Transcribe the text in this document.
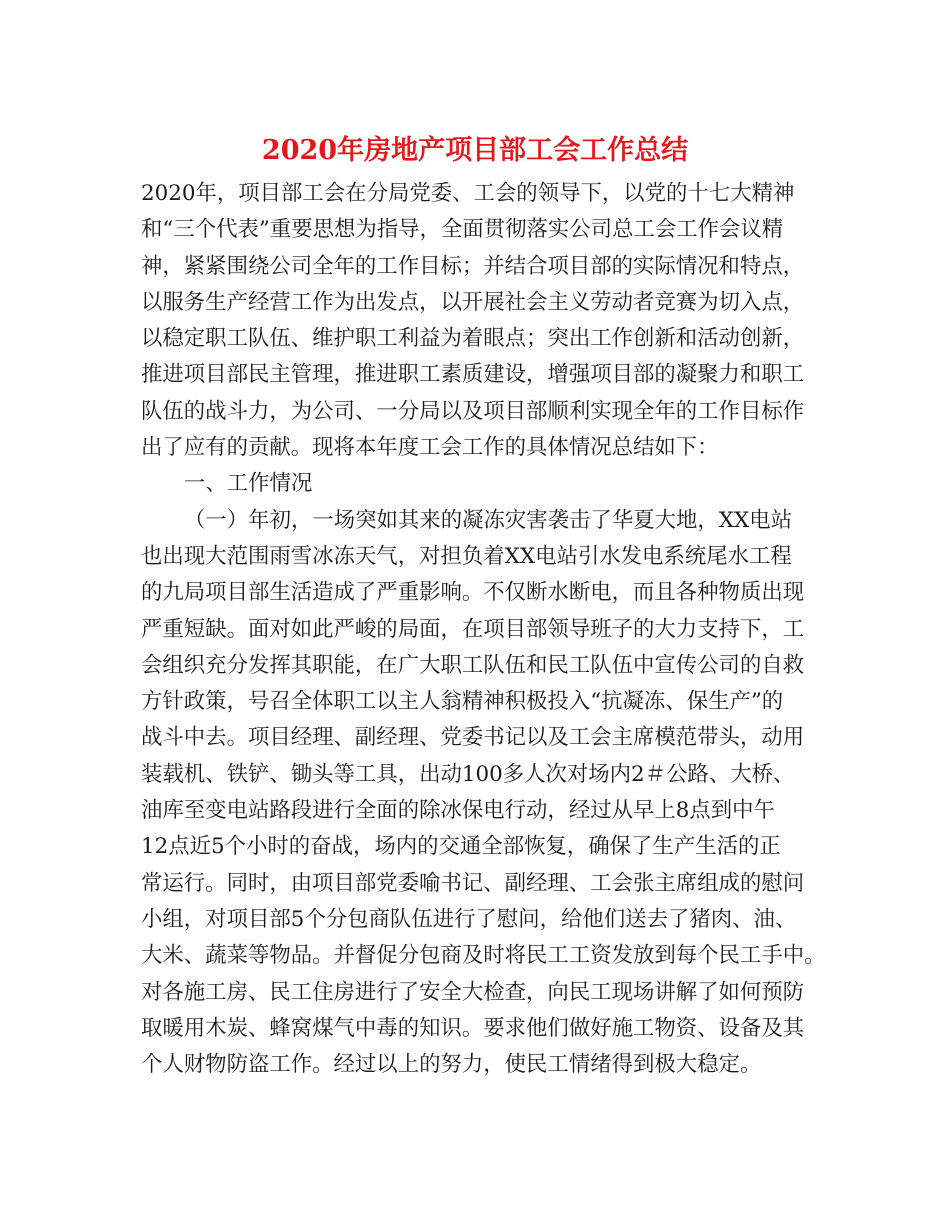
2020年房地产项目部工会工作总结
2020年，项目部工会在分局党委、工会的领导下，以党的十七大精神
和“三个代表”重要思想为指导，全面贯彻落实公司总工会工作会议精
神，紧紧围绕公司全年的工作目标；并结合项目部的实际情况和特点，
以服务生产经营工作为出发点，以开展社会主义劳动者竞赛为切入点，
以稳定职工队伍、维护职工利益为着眼点；突出工作创新和活动创新，
推进项目部民主管理，推进职工素质建设，增强项目部的凝聚力和职工
队伍的战斗力，为公司、一分局以及项目部顺利实现全年的工作目标作
出了应有的贡献。现将本年度工会工作的具体情况总结如下：
一、工作情况
（一）年初，一场突如其来的凝冻灾害袭击了华夏大地，XX电站
也出现大范围雨雪冰冻天气，对担负着XX电站引水发电系统尾水工程
的九局项目部生活造成了严重影响。不仅断水断电，而且各种物质出现
严重短缺。面对如此严峻的局面，在项目部领导班子的大力支持下，工
会组织充分发挥其职能，在广大职工队伍和民工队伍中宣传公司的自救
方针政策，号召全体职工以主人翁精神积极投入“抗凝冻、保生产”的
战斗中去。项目经理、副经理、党委书记以及工会主席模范带头，动用
装载机、铁铲、锄头等工具，出动100多人次对场内2＃公路、大桥、
油库至变电站路段进行全面的除冰保电行动，经过从早上8点到中午
12点近5个小时的奋战，场内的交通全部恢复，确保了生产生活的正
常运行。同时，由项目部党委喻书记、副经理、工会张主席组成的慰问
小组，对项目部5个分包商队伍进行了慰问，给他们送去了猪肉、油、
大米、蔬菜等物品。并督促分包商及时将民工工资发放到每个民工手中。
对各施工房、民工住房进行了安全大检查，向民工现场讲解了如何预防
取暖用木炭、蜂窝煤气中毒的知识。要求他们做好施工物资、设备及其
个人财物防盗工作。经过以上的努力，使民工情绪得到极大稳定。
